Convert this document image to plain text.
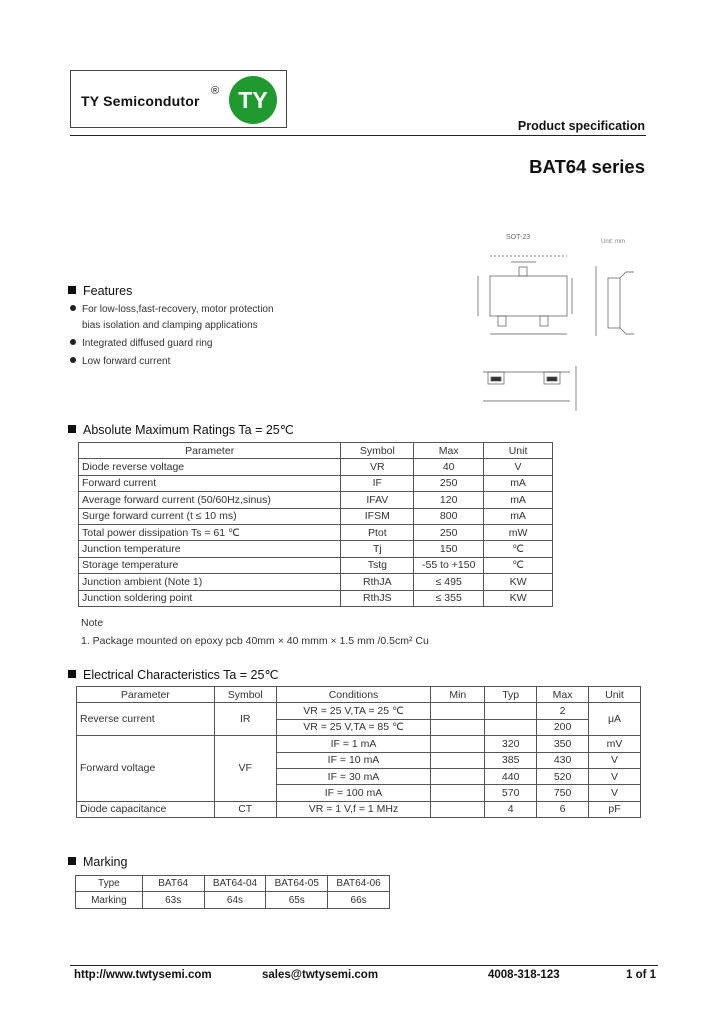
TY Semicondutor
® TY
Product specification
BAT64 series
SOT-23
Unit: mm
Features
For low-loss,fast-recovery, motor protection
bias isolation and clamping applications
Integrated diffused guard ring
Low forward current
Absolute Maximum Ratings Ta = 25℃
Parameter	Symbol	Max	Unit
Diode reverse voltage	VR	40	V
Forward current	IF	250	mA
Average forward current (50/60Hz,sinus)	IFAV	120	mA
Surge forward current (t ≤ 10 ms)	IFSM	800	mA
Total power dissipation Ts = 61 ℃	Ptot	250	mW
Junction temperature	Tj	150	℃
Storage temperature	Tstg	-55 to +150	℃
Junction ambient (Note 1)	RthJA	≤ 495	KW
Junction soldering point	RthJS	≤ 355	KW
Note
1. Package mounted on epoxy pcb 40mm × 40 mmm × 1.5 mm /0.5cm² Cu
Electrical Characteristics Ta = 25℃
Parameter	Symbol	Conditions	Min	Typ	Max	Unit
Reverse current	IR	VR = 25 V,TA = 25 ℃			2	μA
		VR = 25 V,TA = 85 ℃			200	
Forward voltage	VF	IF = 1 mA		320	350	mV
		IF = 10 mA		385	430	V
		IF = 30 mA		440	520	V
		IF = 100 mA		570	750	V
Diode capacitance	CT	VR = 1 V,f = 1 MHz		4	6	pF
Marking
Type	BAT64	BAT64-04	BAT64-05	BAT64-06
Marking	63s	64s	65s	66s
http://www.twtysemi.com	sales@twtysemi.com	4008-318-123	1 of 1
